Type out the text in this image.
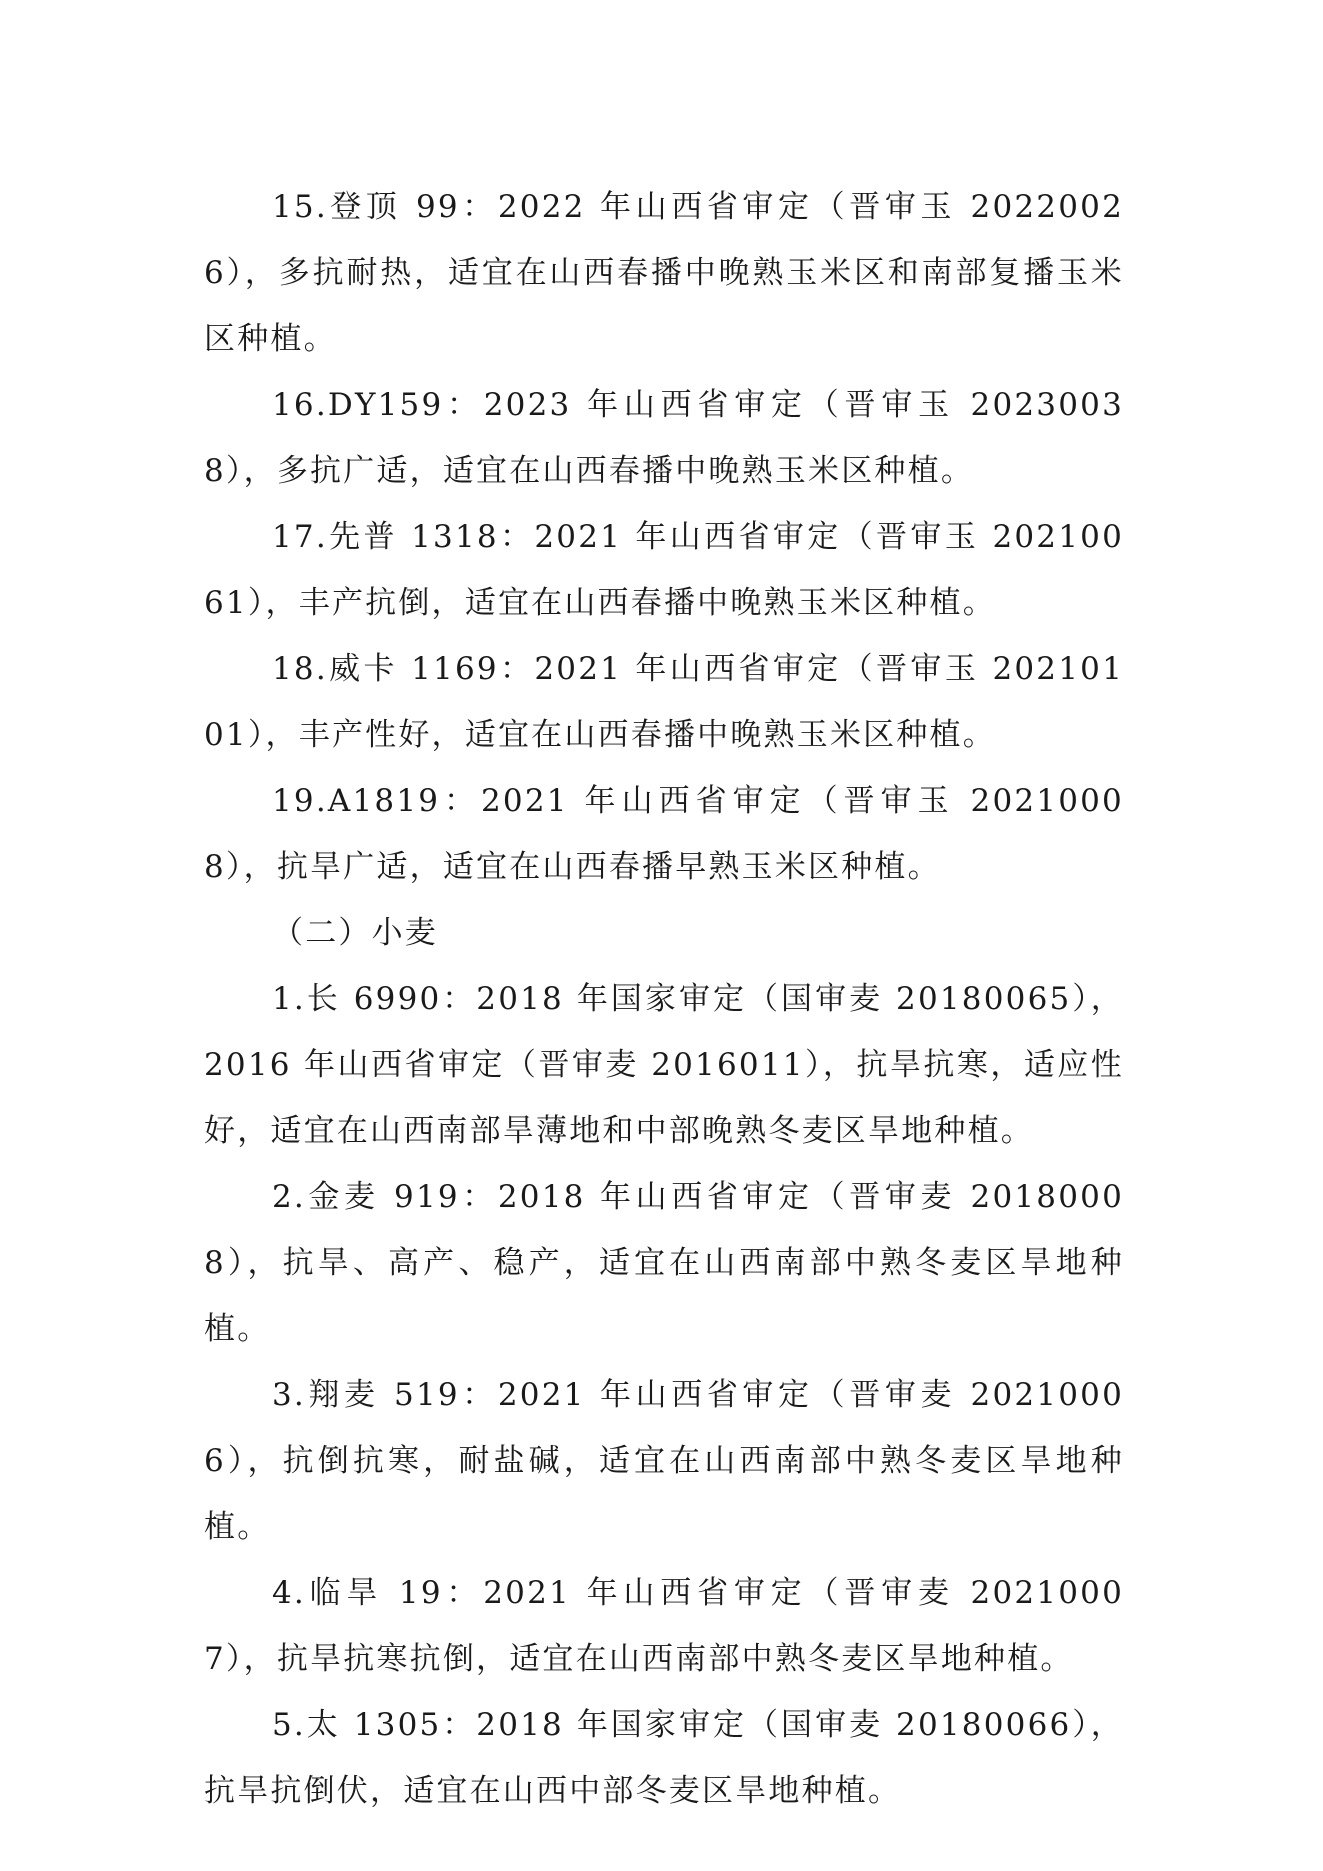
15.登顶 99：2022 年山西省审定（晋审玉 20220026），多抗耐热，适宜在山西春播中晚熟玉米区和南部复播玉米区种植。

16.DY159：2023 年山西省审定（晋审玉 20230038），多抗广适，适宜在山西春播中晚熟玉米区种植。

17.先普 1318：2021 年山西省审定（晋审玉 20210061），丰产抗倒，适宜在山西春播中晚熟玉米区种植。

18.威卡 1169：2021 年山西省审定（晋审玉 20210101），丰产性好，适宜在山西春播中晚熟玉米区种植。

19.A1819：2021 年山西省审定（晋审玉 20210008），抗旱广适，适宜在山西春播早熟玉米区种植。

（二）小麦

1.长 6990：2018 年国家审定（国审麦 20180065），2016 年山西省审定（晋审麦 2016011），抗旱抗寒，适应性好，适宜在山西南部旱薄地和中部晚熟冬麦区旱地种植。

2.金麦 919：2018 年山西省审定（晋审麦 20180008），抗旱、高产、稳产，适宜在山西南部中熟冬麦区旱地种植。

3.翔麦 519：2021 年山西省审定（晋审麦 20210006），抗倒抗寒，耐盐碱，适宜在山西南部中熟冬麦区旱地种植。

4.临旱 19：2021 年山西省审定（晋审麦 20210007），抗旱抗寒抗倒，适宜在山西南部中熟冬麦区旱地种植。

5.太 1305：2018 年国家审定（国审麦 20180066），抗旱抗倒伏，适宜在山西中部冬麦区旱地种植。
